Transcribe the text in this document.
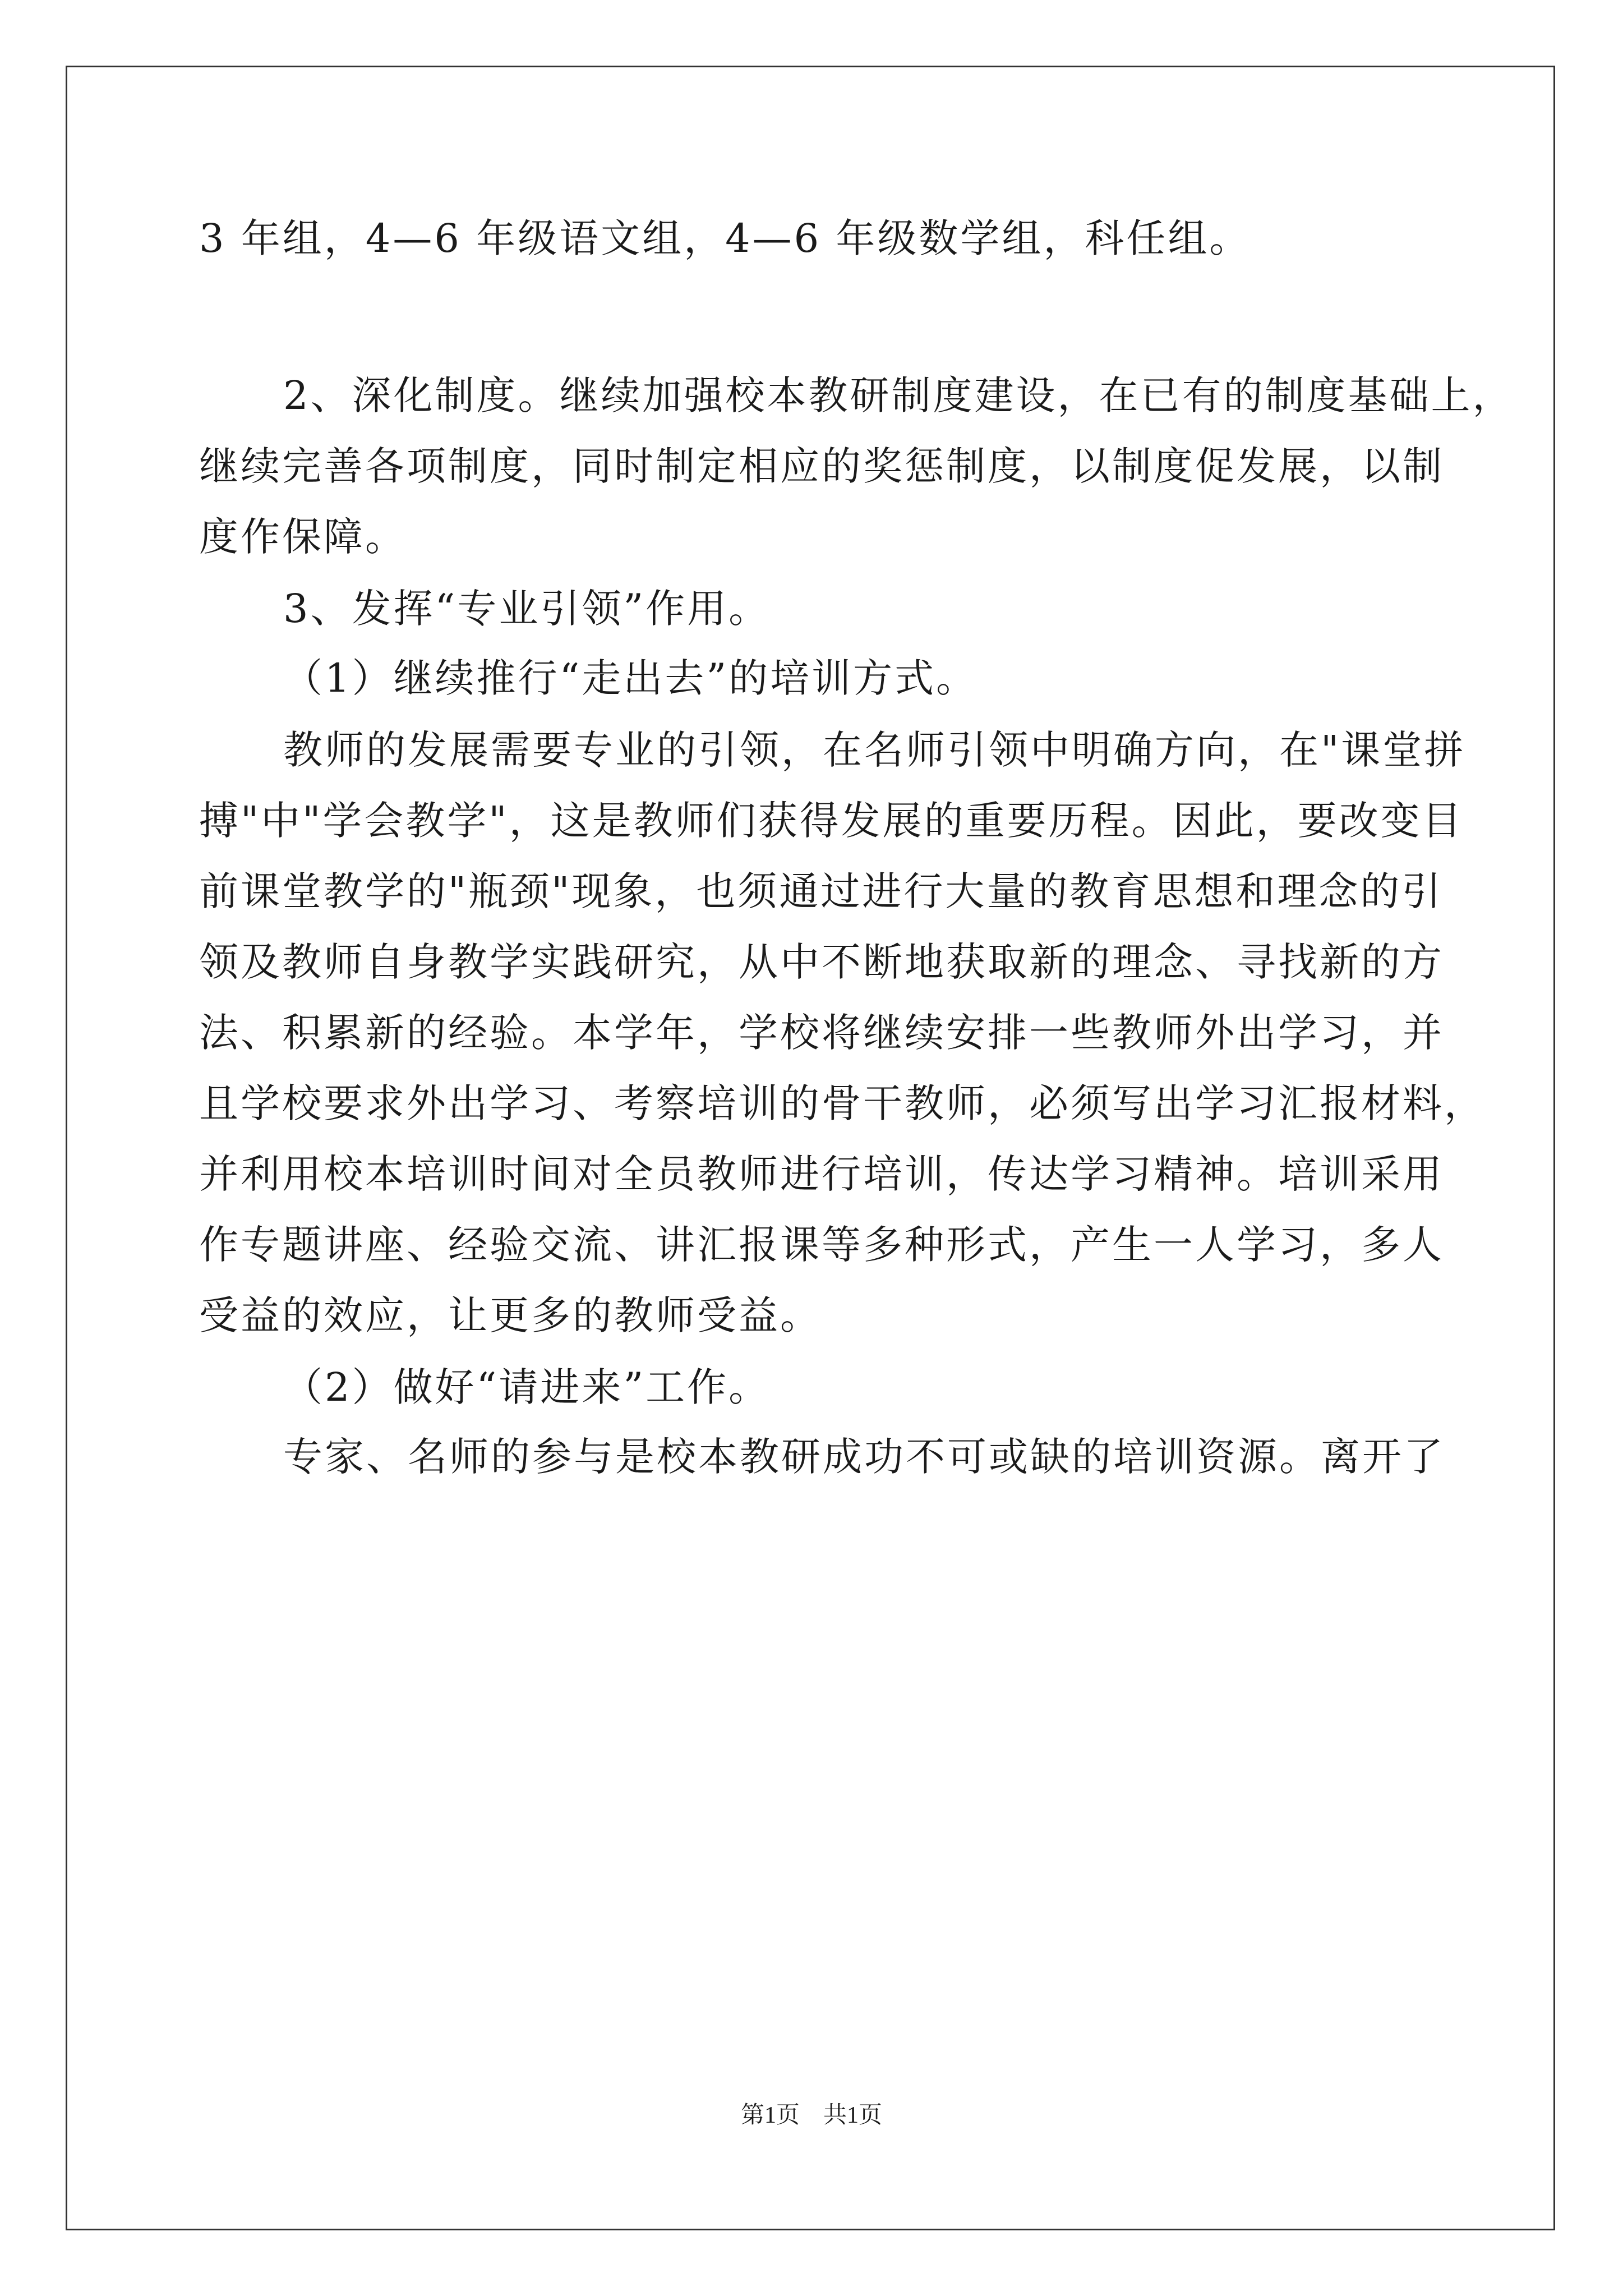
3 年组，4—6 年级语文组，4—6 年级数学组，科任组。
2、深化制度。继续加强校本教研制度建设，在已有的制度基础上，
继续完善各项制度，同时制定相应的奖惩制度，以制度促发展，以制
度作保障。
3、发挥“专业引领”作用。
（1）继续推行“走出去”的培训方式。
教师的发展需要专业的引领，在名师引领中明确方向，在"课堂拼
搏"中"学会教学"，这是教师们获得发展的重要历程。因此，要改变目
前课堂教学的"瓶颈"现象，也须通过进行大量的教育思想和理念的引
领及教师自身教学实践研究，从中不断地获取新的理念、寻找新的方
法、积累新的经验。本学年，学校将继续安排一些教师外出学习，并
且学校要求外出学习、考察培训的骨干教师，必须写出学习汇报材料，
并利用校本培训时间对全员教师进行培训，传达学习精神。培训采用
作专题讲座、经验交流、讲汇报课等多种形式，产生一人学习，多人
受益的效应，让更多的教师受益。
（2）做好“请进来”工作。
专家、名师的参与是校本教研成功不可或缺的培训资源。离开了
第1页　共1页
